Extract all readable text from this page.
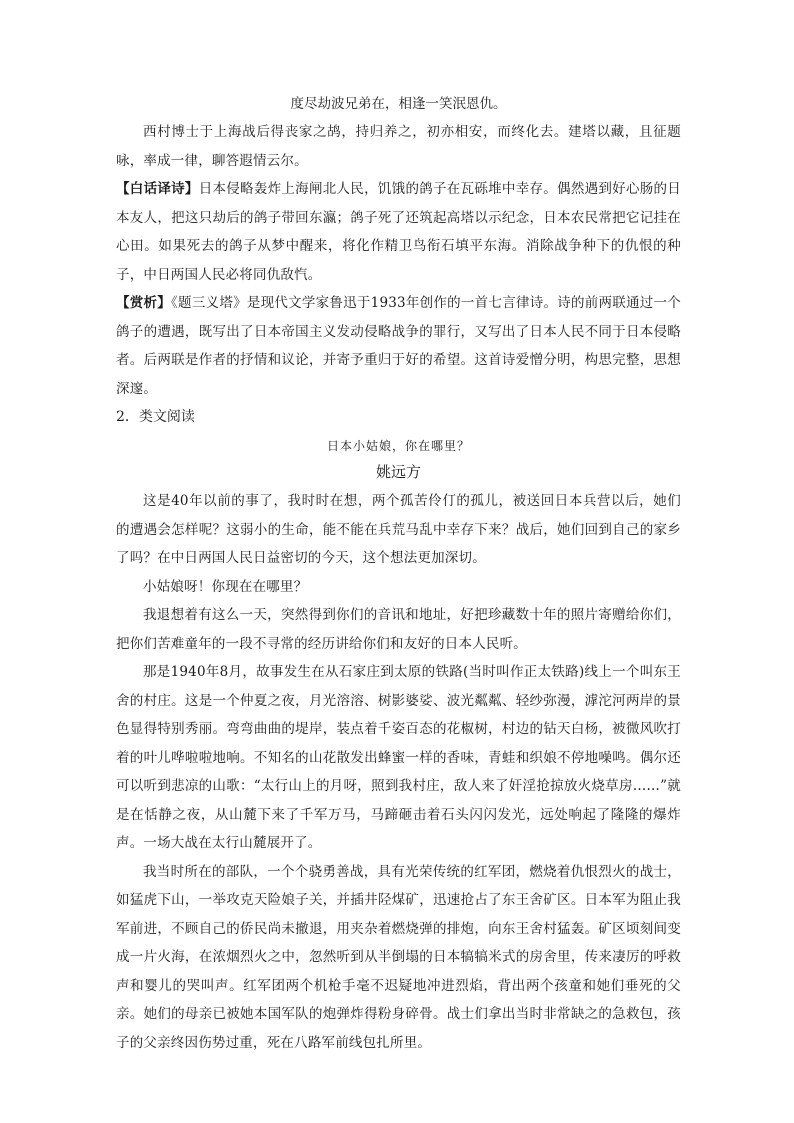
度尽劫波兄弟在，相逢一笑泯恩仇。

西村博士于上海战后得丧家之鸪，持归养之，初亦相安，而终化去。建塔以藏，且征题咏，率成一律，聊答遐情云尔。

【白话译诗】日本侵略轰炸上海闸北人民，饥饿的鸽子在瓦砾堆中幸存。偶然遇到好心肠的日本友人，把这只劫后的鸽子带回东瀛；鸽子死了还筑起高塔以示纪念，日本农民常把它记挂在心田。如果死去的鸽子从梦中醒来，将化作精卫鸟衔石填平东海。消除战争种下的仇恨的种子，中日两国人民必将同仇敌忾。

【赏析】《题三义塔》是现代文学家鲁迅于1933年创作的一首七言律诗。诗的前两联通过一个鸽子的遭遇，既写出了日本帝国主义发动侵略战争的罪行，又写出了日本人民不同于日本侵略者。后两联是作者的抒情和议论，并寄予重归于好的希望。这首诗爱憎分明，构思完整，思想深邃。

2．类文阅读

日本小姑娘，你在哪里？
姚远方

这是40年以前的事了，我时时在想，两个孤苦伶仃的孤儿，被送回日本兵营以后，她们的遭遇会怎样呢？这弱小的生命，能不能在兵荒马乱中幸存下来？战后，她们回到自己的家乡了吗？在中日两国人民日益密切的今天，这个想法更加深切。

小姑娘呀！你现在在哪里？

我退想着有这么一天，突然得到你们的音讯和地址，好把珍藏数十年的照片寄赠给你们，把你们苦难童年的一段不寻常的经历讲给你们和友好的日本人民听。

那是1940年8月，故事发生在从石家庄到太原的铁路(当时叫作正太铁路)线上一个叫东王舍的村庄。这是一个仲夏之夜，月光溶溶、树影婆娑、波光粼粼、轻纱弥漫，滹沱河两岸的景色显得特别秀丽。弯弯曲曲的堤岸，装点着千姿百态的花椒树，村边的钻天白杨，被微风吹打着的叶儿哗啦啦地响。不知名的山花散发出蜂蜜一样的香味，青蛙和织娘不停地噪鸣。偶尔还可以听到悲凉的山歌：“太行山上的月呀，照到我村庄，敌人来了奸淫抢掠放火烧草房……”就是在恬静之夜，从山麓下来了千军万马，马蹄砸击着石头闪闪发光，远处响起了隆隆的爆炸声。一场大战在太行山麓展开了。

我当时所在的部队，一个个骁勇善战，具有光荣传统的红军团，燃烧着仇恨烈火的战士，如猛虎下山，一举攻克天险娘子关，并插井陉煤矿，迅速抢占了东王舍矿区。日本军为阻止我军前进，不顾自己的侨民尚未撤退，用夹杂着燃烧弹的排炮，向东王舍村猛轰。矿区顷刻间变成一片火海，在浓烟烈火之中，忽然听到从半倒塌的日本犒犒米式的房舍里，传来凄厉的呼救声和婴儿的哭叫声。红军团两个机枪手毫不迟疑地冲进烈焰，背出两个孩童和她们垂死的父亲。她们的母亲已被她本国军队的炮弹炸得粉身碎骨。战士们拿出当时非常缺之的急救包，孩子的父亲终因伤势过重，死在八路军前线包扎所里。
